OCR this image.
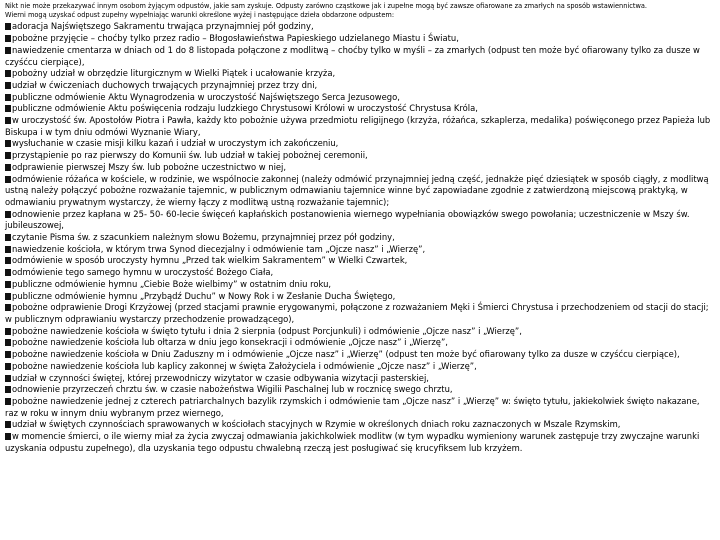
Nikt nie może przekazywać innym osobom żyjącym odpustów, jakie sam zyskuje. Odpusty zarówno cząstkowe jak i zupełne mogą być zawsze ofiarowane za zmarłych na sposób wstawiennictwa.
Wierni mogą uzyskać odpust zupełny wypełniając warunki określone wyżej i następujące dzieła obdarzone odpustem:

adoracja Najświętszego Sakramentu trwająca przynajmniej pół godziny,
pobożne przyjęcie – choćby tylko przez radio – Błogosławieństwa Papieskiego udzielanego Miastu i Światu,
nawiedzenie cmentarza w dniach od 1 do 8 listopada połączone z modlitwą – choćby tylko w myśli – za zmarłych (odpust ten może być ofiarowany tylko za dusze w czyśćcu cierpiące),
pobożny udział w obrzędzie liturgicznym w Wielki Piątek i ucałowanie krzyża,
udział w ćwiczeniach duchowych trwających przynajmniej przez trzy dni,
publiczne odmówienie Aktu Wynagrodzenia w uroczystość Najświętszego Serca Jezusowego,
publiczne odmówienie Aktu poświęcenia rodzaju ludzkiego Chrystusowi Królowi w uroczystość Chrystusa Króla,
w uroczystość św. Apostołów Piotra i Pawła, każdy kto pobożnie używa przedmiotu religijnego (krzyża, różańca, szkaplerza, medalika) poświęconego przez Papieża lub Biskupa i w tym dniu odmówi Wyznanie Wiary,
wysłuchanie w czasie misji kilku kazań i udział w uroczystym ich zakończeniu,
przystąpienie po raz pierwszy do Komunii św. lub udział w takiej pobożnej ceremonii,
odprawienie pierwszej Mszy św. lub pobożne uczestnictwo w niej,
odmówienie różańca w kościele, w rodzinie, we wspólnocie zakonnej (należy odmówić przynajmniej jedną część, jednakże pięć dziesiątek w sposób ciągły, z modlitwą ustną należy połączyć pobożne rozważanie tajemnic, w publicznym odmawianiu tajemnice winne być zapowiadane zgodnie z zatwierdzoną miejscową praktyką, w odmawianiu prywatnym wystarczy, że wierny łączy z modlitwą ustną rozważanie tajemnic);
odnowienie przez kapłana w 25- 50- 60-lecie święceń kapłańskich postanowienia wiernego wypełniania obowiązków swego powołania; uczestniczenie w Mszy św. jubileuszowej,
czytanie Pisma św. z szacunkiem należnym słowu Bożemu, przynajmniej przez pół godziny,
nawiedzenie kościoła, w którym trwa Synod diecezjalny i odmówienie tam „Ojcze nasz” i „Wierzę”,
odmówienie w sposób uroczysty hymnu „Przed tak wielkim Sakramentem” w Wielki Czwartek,
odmówienie tego samego hymnu w uroczystość Bożego Ciała,
publiczne odmówienie hymnu „Ciebie Boże wielbimy” w ostatnim dniu roku,
publiczne odmówienie hymnu „Przybądź Duchu” w Nowy Rok i w Zesłanie Ducha Świętego,
pobożne odprawienie Drogi Krzyżowej (przed stacjami prawnie erygowanymi, połączone z rozważaniem Męki i Śmierci Chrystusa i przechodzeniem od stacji do stacji; w publicznym odprawianiu wystarczy przechodzenie prowadzącego),
pobożne nawiedzenie kościoła w święto tytułu i dnia 2 sierpnia (odpust Porcjunkuli) i odmówienie „Ojcze nasz” i „Wierzę”,
pobożne nawiedzenie kościoła lub ołtarza w dniu jego konsekracji i odmówienie „Ojcze nasz” i „Wierzę”,
pobożne nawiedzenie kościoła w Dniu Zaduszny m i odmówienie „Ojcze nasz” i „Wierzę” (odpust ten może być ofiarowany tylko za dusze w czyśćcu cierpiące),
pobożne nawiedzenie kościoła lub kaplicy zakonnej w święta Założyciela i odmówienie „Ojcze nasz” i „Wierzę”,
udział w czynności świętej, której przewodniczy wizytator w czasie odbywania wizytacji pasterskiej,
odnowienie przyrzeczeń chrztu św. w czasie nabożeństwa Wigilii Paschalnej lub w rocznicę swego chrztu,
pobożne nawiedzenie jednej z czterech patriarchalnych bazylik rzymskich i odmówienie tam „Ojcze nasz” i „Wierzę” w: święto tytułu, jakiekolwiek święto nakazane, raz w roku w innym dniu wybranym przez wiernego,
udział w świętych czynnościach sprawowanych w kościołach stacyjnych w Rzymie w określonych dniach roku zaznaczonych w Mszale Rzymskim,
w momencie śmierci, o ile wierny miał za życia zwyczaj odmawiania jakichkolwiek modlitw (w tym wypadku wymieniony warunek zastępuje trzy zwyczajne warunki uzyskania odpustu zupełnego), dla uzyskania tego odpustu chwalebną rzeczą jest posługiwać się krucyfiksem lub krzyżem.
